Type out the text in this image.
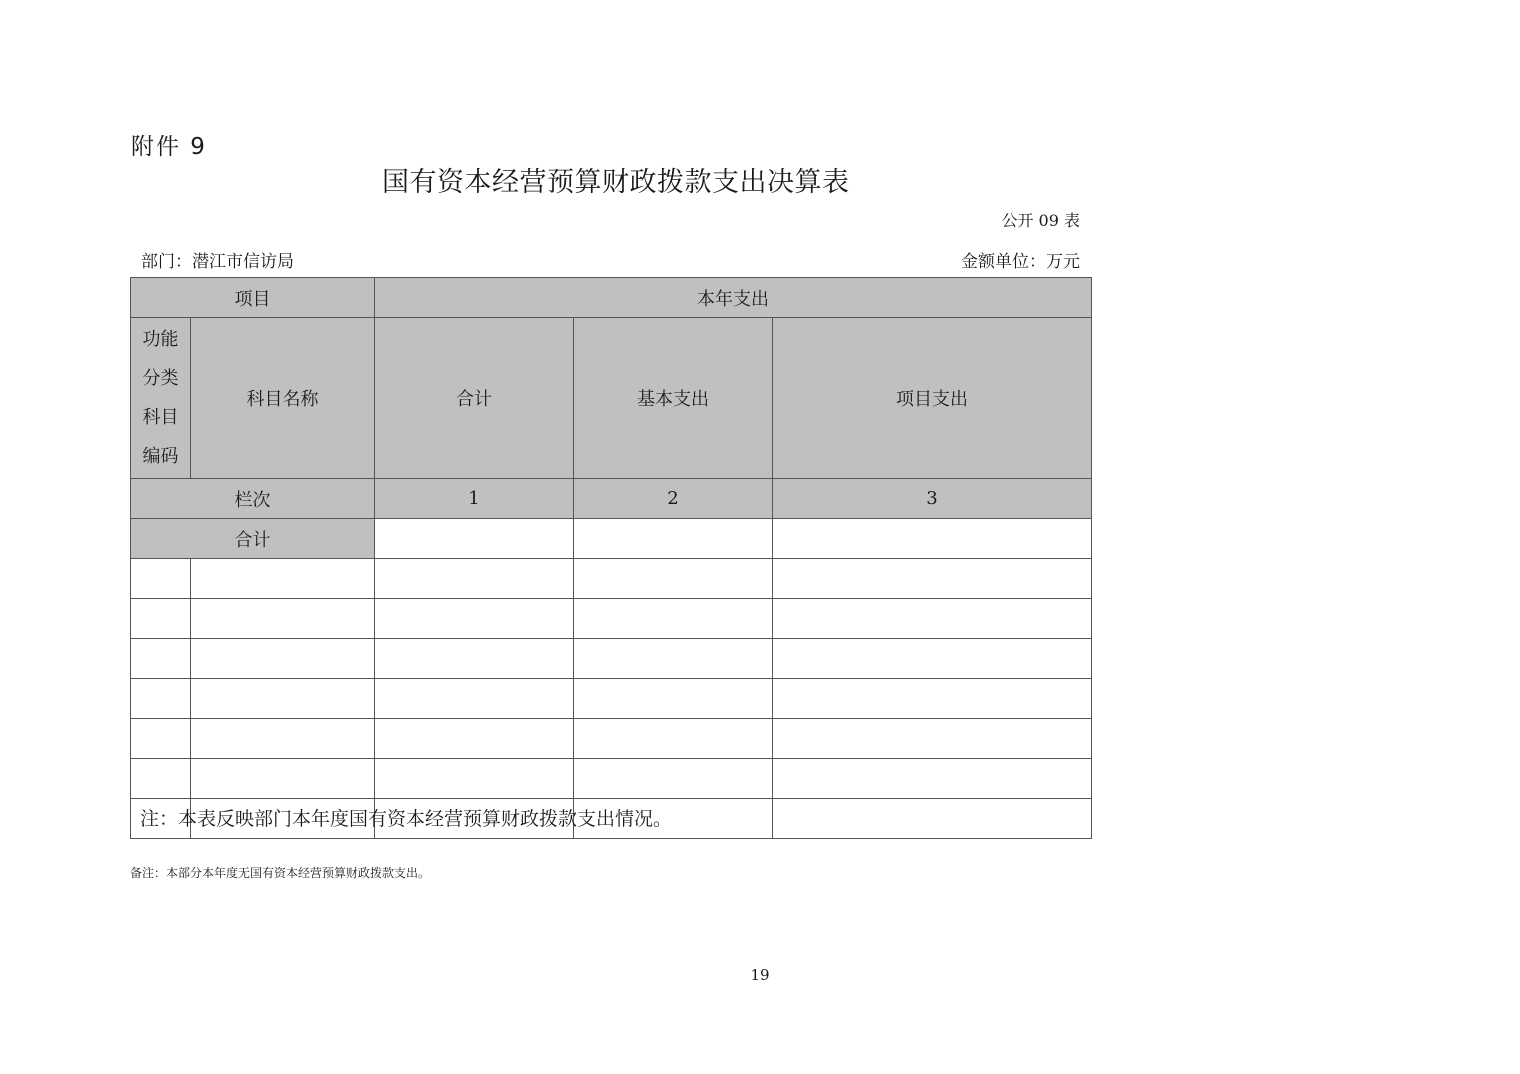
附件 9
国有资本经营预算财政拨款支出决算表
公开 09 表
部门：潜江市信访局	金额单位：万元
项目		本年支出		

功能
分类
科目
编码	科目名称	合计	基本支出	项目支出
栏次		1	2	3
合计				

注：本表反映部门本年度国有资本经营预算财政拨款支出情况。
备注：本部分本年度无国有资本经营预算财政拨款支出。
19
